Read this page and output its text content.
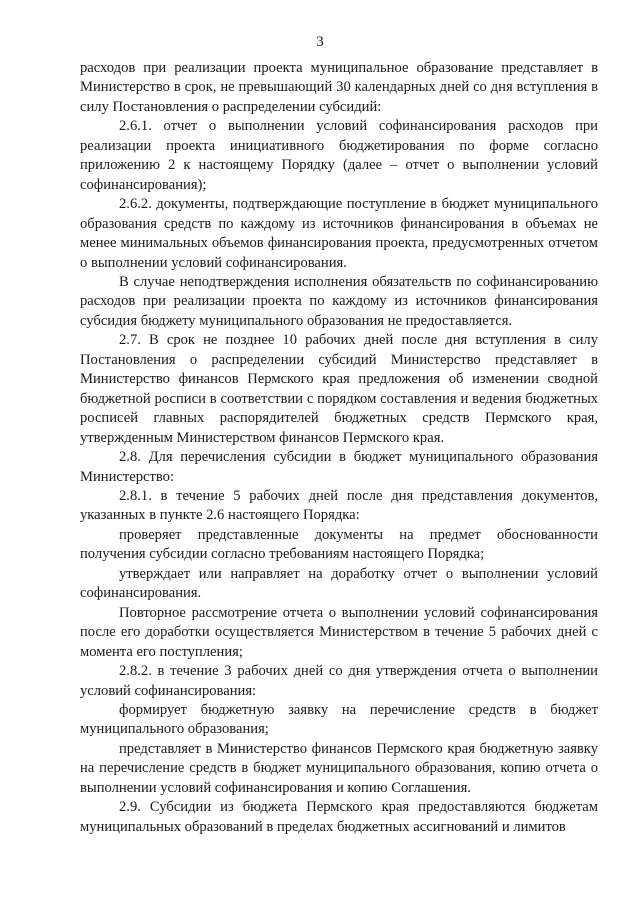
3

расходов при реализации проекта муниципальное образование представляет в Министерство в срок, не превышающий 30 календарных дней со дня вступления в силу Постановления о распределении субсидий:

2.6.1. отчет о выполнении условий софинансирования расходов при реализации проекта инициативного бюджетирования по форме согласно приложению 2 к настоящему Порядку (далее – отчет о выполнении условий софинансирования);

2.6.2. документы, подтверждающие поступление в бюджет муниципального образования средств по каждому из источников финансирования в объемах не менее минимальных объемов финансирования проекта, предусмотренных отчетом о выполнении условий софинансирования.

В случае неподтверждения исполнения обязательств по софинансированию расходов при реализации проекта по каждому из источников финансирования субсидия бюджету муниципального образования не предоставляется.

2.7. В срок не позднее 10 рабочих дней после дня вступления в силу Постановления о распределении субсидий Министерство представляет в Министерство финансов Пермского края предложения об изменении сводной бюджетной росписи в соответствии с порядком составления и ведения бюджетных росписей главных распорядителей бюджетных средств Пермского края, утвержденным Министерством финансов Пермского края.

2.8. Для перечисления субсидии в бюджет муниципального образования Министерство:

2.8.1. в течение 5 рабочих дней после дня представления документов, указанных в пункте 2.6 настоящего Порядка:

проверяет представленные документы на предмет обоснованности получения субсидии согласно требованиям настоящего Порядка;

утверждает или направляет на доработку отчет о выполнении условий софинансирования.

Повторное рассмотрение отчета о выполнении условий софинансирования после его доработки осуществляется Министерством в течение 5 рабочих дней с момента его поступления;

2.8.2. в течение 3 рабочих дней со дня утверждения отчета о выполнении условий софинансирования:

формирует бюджетную заявку на перечисление средств в бюджет муниципального образования;

представляет в Министерство финансов Пермского края бюджетную заявку на перечисление средств в бюджет муниципального образования, копию отчета о выполнении условий софинансирования и копию Соглашения.

2.9. Субсидии из бюджета Пермского края предоставляются бюджетам муниципальных образований в пределах бюджетных ассигнований и лимитов
